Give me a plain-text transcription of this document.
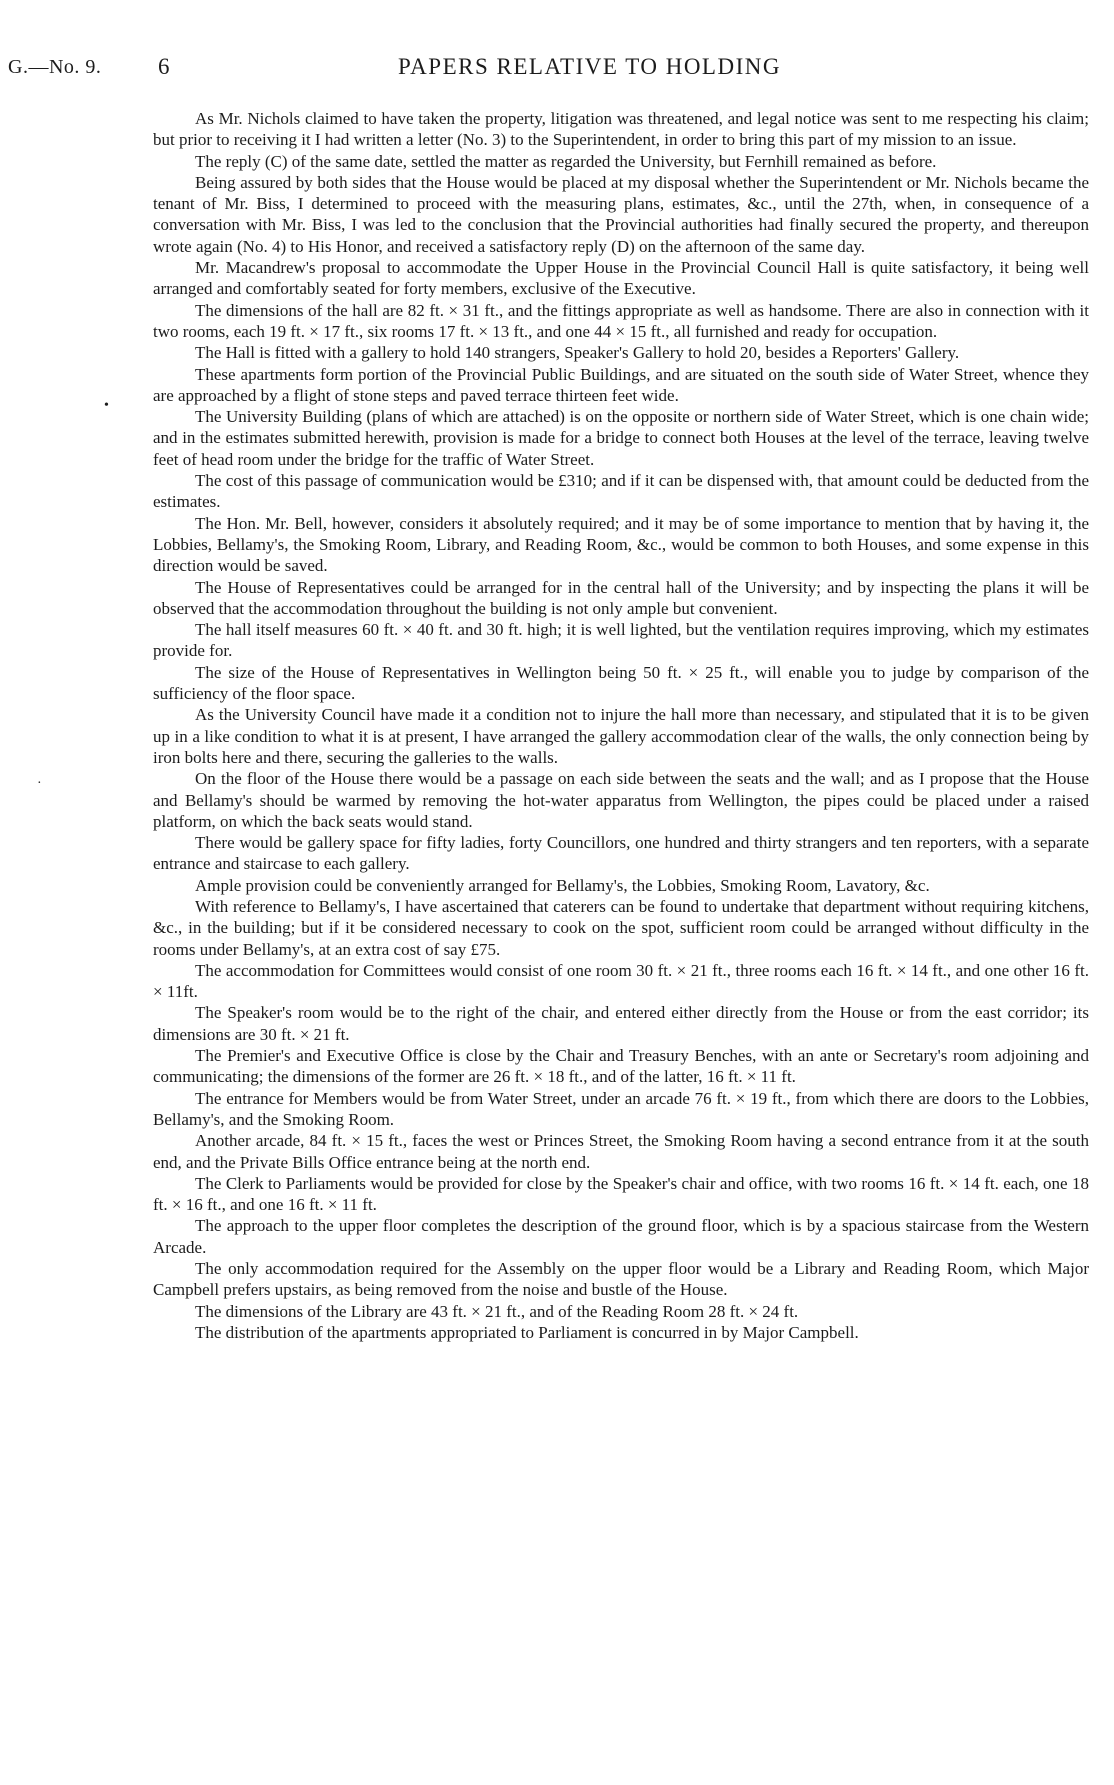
G.—No. 9. 6	PAPERS RELATIVE TO HOLDING
•
·

As Mr. Nichols claimed to have taken the property, litigation was threatened, and legal notice was sent to me respecting his claim; but prior to receiving it I had written a letter (No. 3) to the Superintendent, in order to bring this part of my mission to an issue.

The reply (C) of the same date, settled the matter as regarded the University, but Fernhill remained as before.

Being assured by both sides that the House would be placed at my disposal whether the Superintendent or Mr. Nichols became the tenant of Mr. Biss, I determined to proceed with the measuring plans, estimates, &c., until the 27th, when, in consequence of a conversation with Mr. Biss, I was led to the conclusion that the Provincial authorities had finally secured the property, and thereupon wrote again (No. 4) to His Honor, and received a satisfactory reply (D) on the afternoon of the same day.

Mr. Macandrew's proposal to accommodate the Upper House in the Provincial Council Hall is quite satisfactory, it being well arranged and comfortably seated for forty members, exclusive of the Executive.

The dimensions of the hall are 82 ft. × 31 ft., and the fittings appropriate as well as handsome. There are also in connection with it two rooms, each 19 ft. × 17 ft., six rooms 17 ft. × 13 ft., and one 44 × 15 ft., all furnished and ready for occupation.

The Hall is fitted with a gallery to hold 140 strangers, Speaker's Gallery to hold 20, besides a Reporters' Gallery.

These apartments form portion of the Provincial Public Buildings, and are situated on the south side of Water Street, whence they are approached by a flight of stone steps and paved terrace thirteen feet wide.

The University Building (plans of which are attached) is on the opposite or northern side of Water Street, which is one chain wide; and in the estimates submitted herewith, provision is made for a bridge to connect both Houses at the level of the terrace, leaving twelve feet of head room under the bridge for the traffic of Water Street.

The cost of this passage of communication would be £310; and if it can be dispensed with, that amount could be deducted from the estimates.

The Hon. Mr. Bell, however, considers it absolutely required; and it may be of some importance to mention that by having it, the Lobbies, Bellamy's, the Smoking Room, Library, and Reading Room, &c., would be common to both Houses, and some expense in this direction would be saved.

The House of Representatives could be arranged for in the central hall of the University; and by inspecting the plans it will be observed that the accommodation throughout the building is not only ample but convenient.

The hall itself measures 60 ft. × 40 ft. and 30 ft. high; it is well lighted, but the ventilation requires improving, which my estimates provide for.

The size of the House of Representatives in Wellington being 50 ft. × 25 ft., will enable you to judge by comparison of the sufficiency of the floor space.

As the University Council have made it a condition not to injure the hall more than necessary, and stipulated that it is to be given up in a like condition to what it is at present, I have arranged the gallery accommodation clear of the walls, the only connection being by iron bolts here and there, securing the galleries to the walls.

On the floor of the House there would be a passage on each side between the seats and the wall; and as I propose that the House and Bellamy's should be warmed by removing the hot-water apparatus from Wellington, the pipes could be placed under a raised platform, on which the back seats would stand.

There would be gallery space for fifty ladies, forty Councillors, one hundred and thirty strangers and ten reporters, with a separate entrance and staircase to each gallery.

Ample provision could be conveniently arranged for Bellamy's, the Lobbies, Smoking Room, Lavatory, &c.

With reference to Bellamy's, I have ascertained that caterers can be found to undertake that department without requiring kitchens, &c., in the building; but if it be considered necessary to cook on the spot, sufficient room could be arranged without difficulty in the rooms under Bellamy's, at an extra cost of say £75.

The accommodation for Committees would consist of one room 30 ft. × 21 ft., three rooms each 16 ft. × 14 ft., and one other 16 ft. × 11ft.

The Speaker's room would be to the right of the chair, and entered either directly from the House or from the east corridor; its dimensions are 30 ft. × 21 ft.

The Premier's and Executive Office is close by the Chair and Treasury Benches, with an ante or Secretary's room adjoining and communicating; the dimensions of the former are 26 ft. × 18 ft., and of the latter, 16 ft. × 11 ft.

The entrance for Members would be from Water Street, under an arcade 76 ft. × 19 ft., from which there are doors to the Lobbies, Bellamy's, and the Smoking Room.

Another arcade, 84 ft. × 15 ft., faces the west or Princes Street, the Smoking Room having a second entrance from it at the south end, and the Private Bills Office entrance being at the north end.

The Clerk to Parliaments would be provided for close by the Speaker's chair and office, with two rooms 16 ft. × 14 ft. each, one 18 ft. × 16 ft., and one 16 ft. × 11 ft.

The approach to the upper floor completes the description of the ground floor, which is by a spacious staircase from the Western Arcade.

The only accommodation required for the Assembly on the upper floor would be a Library and Reading Room, which Major Campbell prefers upstairs, as being removed from the noise and bustle of the House.

The dimensions of the Library are 43 ft. × 21 ft., and of the Reading Room 28 ft. × 24 ft.

The distribution of the apartments appropriated to Parliament is concurred in by Major Campbell.
